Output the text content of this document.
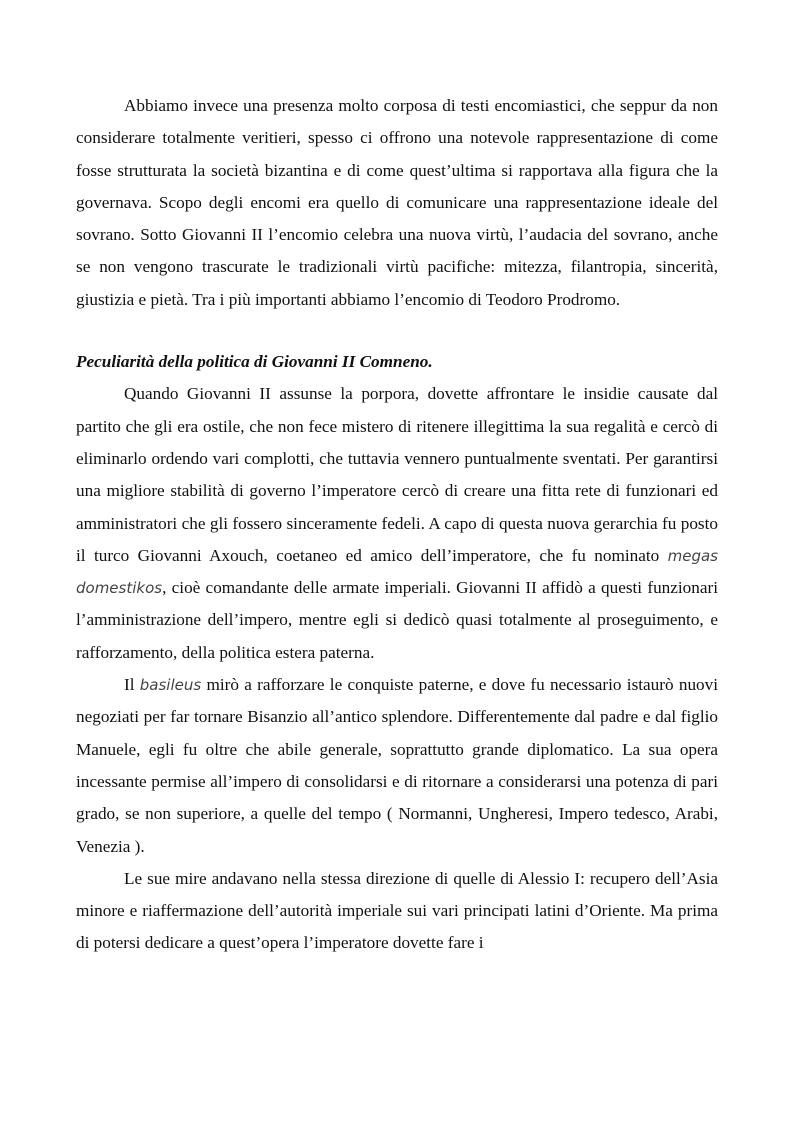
Abbiamo invece una presenza molto corposa di testi encomiastici, che seppur da non considerare totalmente veritieri, spesso ci offrono una notevole rappresentazione di come fosse strutturata la società bizantina e di come quest’ultima si rapportava alla figura che la governava. Scopo degli encomi era quello di comunicare una rappresentazione ideale del sovrano. Sotto Giovanni II l’encomio celebra una nuova virtù, l’audacia del sovrano, anche se non vengono trascurate le tradizionali virtù pacifiche: mitezza, filantropia, sincerità, giustizia e pietà. Tra i più importanti abbiamo l’encomio di Teodoro Prodromo.

Peculiarità della politica di Giovanni II Comneno.

Quando Giovanni II assunse la porpora, dovette affrontare le insidie causate dal partito che gli era ostile, che non fece mistero di ritenere illegittima la sua regalità e cercò di eliminarlo ordendo vari complotti, che tuttavia vennero puntualmente sventati. Per garantirsi una migliore stabilità di governo l’imperatore cercò di creare una fitta rete di funzionari ed amministratori che gli fossero sinceramente fedeli. A capo di questa nuova gerarchia fu posto il turco Giovanni Axouch, coetaneo ed amico dell’imperatore, che fu nominato megas domestikos, cioè comandante delle armate imperiali. Giovanni II affidò a questi funzionari l’amministrazione dell’impero, mentre egli si dedicò quasi totalmente al proseguimento, e rafforzamento, della politica estera paterna.

Il basileus mirò a rafforzare le conquiste paterne, e dove fu necessario istaurò nuovi negoziati per far tornare Bisanzio all’antico splendore. Differentemente dal padre e dal figlio Manuele, egli fu oltre che abile generale, soprattutto grande diplomatico. La sua opera incessante permise all’impero di consolidarsi e di ritornare a considerarsi una potenza di pari grado, se non superiore, a quelle del tempo ( Normanni, Ungheresi, Impero tedesco, Arabi, Venezia ).

Le sue mire andavano nella stessa direzione di quelle di Alessio I: recupero dell’Asia minore e riaffermazione dell’autorità imperiale sui vari principati latini d’Oriente. Ma prima di potersi dedicare a quest’opera l’imperatore dovette fare i
